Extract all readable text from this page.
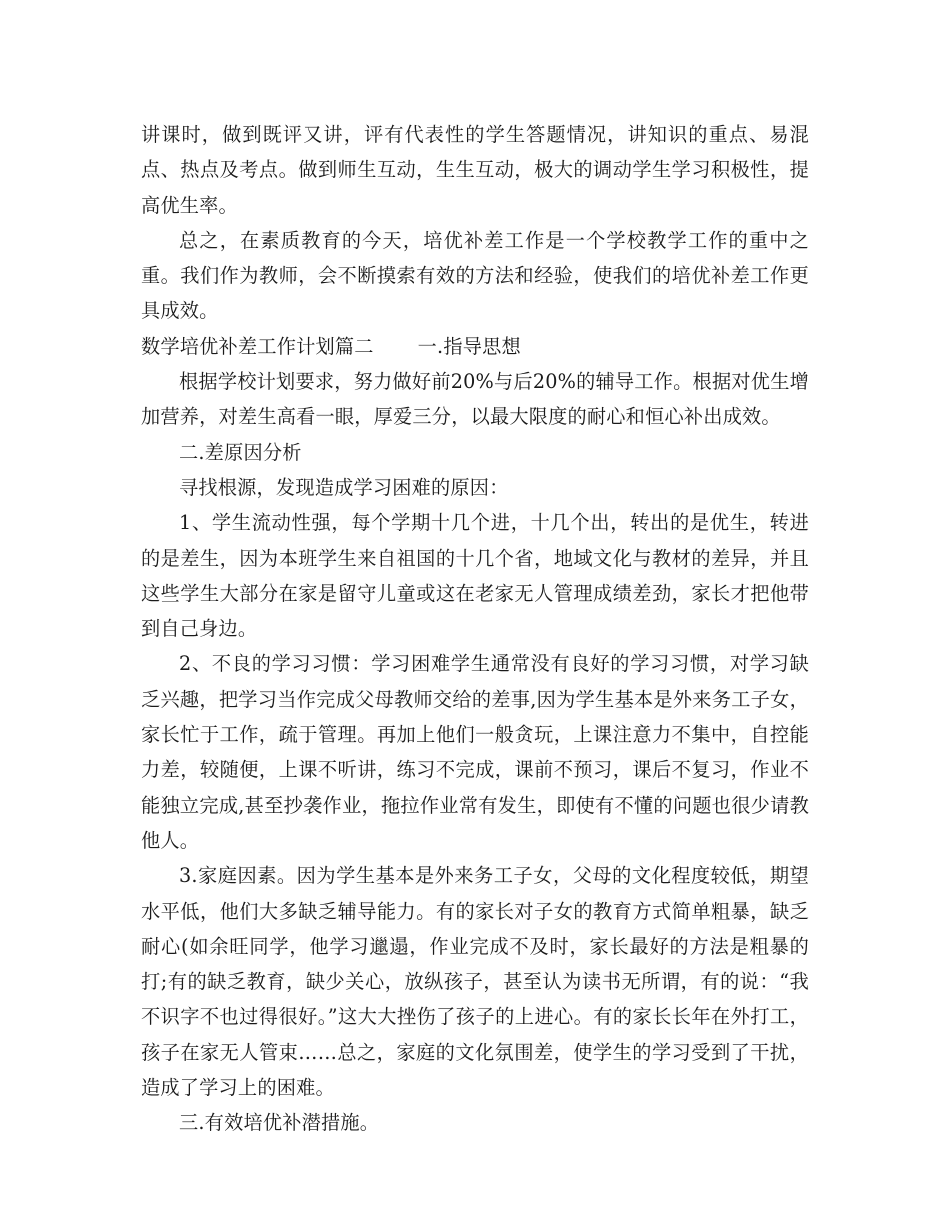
讲课时，做到既评又讲，评有代表性的学生答题情况，讲知识的重点、易混点、热点及考点。做到师生互动，生生互动，极大的调动学生学习积极性，提高优生率。

总之，在素质教育的今天，培优补差工作是一个学校教学工作的重中之重。我们作为教师，会不断摸索有效的方法和经验，使我们的培优补差工作更具成效。

数学培优补差工作计划篇二 一.指导思想

根据学校计划要求，努力做好前20%与后20%的辅导工作。根据对优生增加营养，对差生高看一眼，厚爱三分，以最大限度的耐心和恒心补出成效。

二.差原因分析

寻找根源，发现造成学习困难的原因：

1、学生流动性强，每个学期十几个进，十几个出，转出的是优生，转进的是差生，因为本班学生来自祖国的十几个省，地域文化与教材的差异，并且这些学生大部分在家是留守儿童或这在老家无人管理成绩差劲，家长才把他带到自己身边。

2、不良的学习习惯：学习困难学生通常没有良好的学习习惯，对学习缺乏兴趣，把学习当作完成父母教师交给的差事,因为学生基本是外来务工子女，家长忙于工作，疏于管理。再加上他们一般贪玩，上课注意力不集中，自控能力差，较随便，上课不听讲，练习不完成，课前不预习，课后不复习，作业不能独立完成,甚至抄袭作业，拖拉作业常有发生，即使有不懂的问题也很少请教他人。

3.家庭因素。因为学生基本是外来务工子女，父母的文化程度较低，期望水平低，他们大多缺乏辅导能力。有的家长对子女的教育方式简单粗暴，缺乏耐心(如余旺同学，他学习邋遢，作业完成不及时，家长最好的方法是粗暴的打;有的缺乏教育，缺少关心，放纵孩子，甚至认为读书无所谓，有的说：“我不识字不也过得很好。”这大大挫伤了孩子的上进心。有的家长长年在外打工，孩子在家无人管束……总之，家庭的文化氛围差，使学生的学习受到了干扰，造成了学习上的困难。

三.有效培优补潜措施。
